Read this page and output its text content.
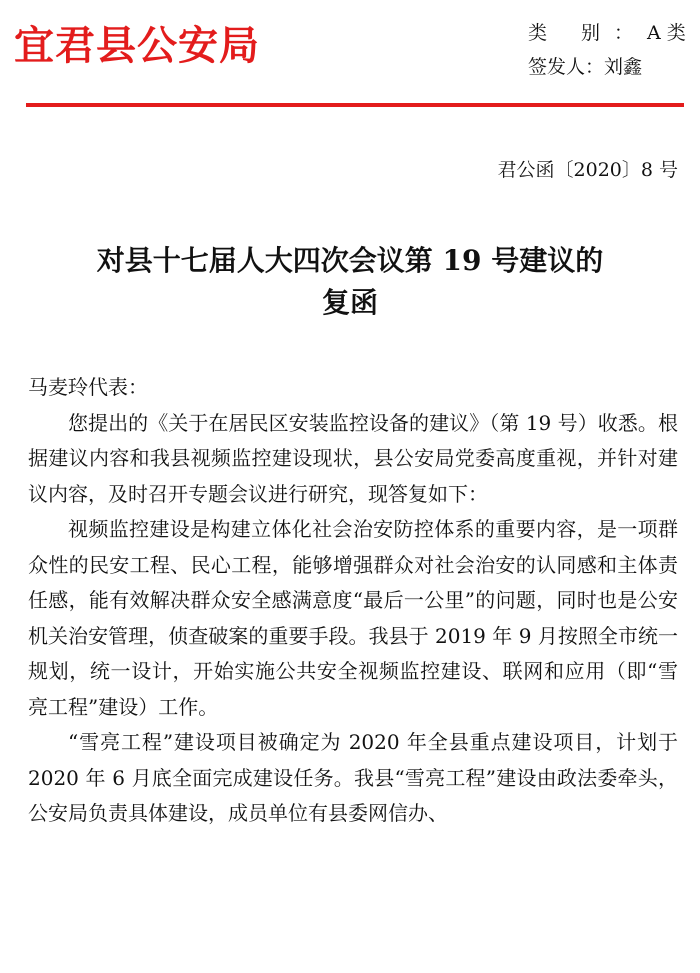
宜君县公安局	类 别：A 类
签发人：刘鑫
君公函〔2020〕8 号
对县十七届人大四次会议第 19 号建议的
复函

马麦玲代表：

您提出的《关于在居民区安装监控设备的建议》（第 19 号）收悉。根据建议内容和我县视频监控建设现状，县公安局党委高度重视，并针对建议内容，及时召开专题会议进行研究，现答复如下：

视频监控建设是构建立体化社会治安防控体系的重要内容，是一项群众性的民安工程、民心工程，能够增强群众对社会治安的认同感和主体责任感，能有效解决群众安全感满意度“最后一公里”的问题，同时也是公安机关治安管理，侦查破案的重要手段。我县于 2019 年 9 月按照全市统一规划，统一设计，开始实施公共安全视频监控建设、联网和应用（即“雪亮工程”建设）工作。

“雪亮工程”建设项目被确定为 2020 年全县重点建设项目，计划于 2020 年 6 月底全面完成建设任务。我县“雪亮工程”建设由政法委牵头，公安局负责具体建设，成员单位有县委网信办、
